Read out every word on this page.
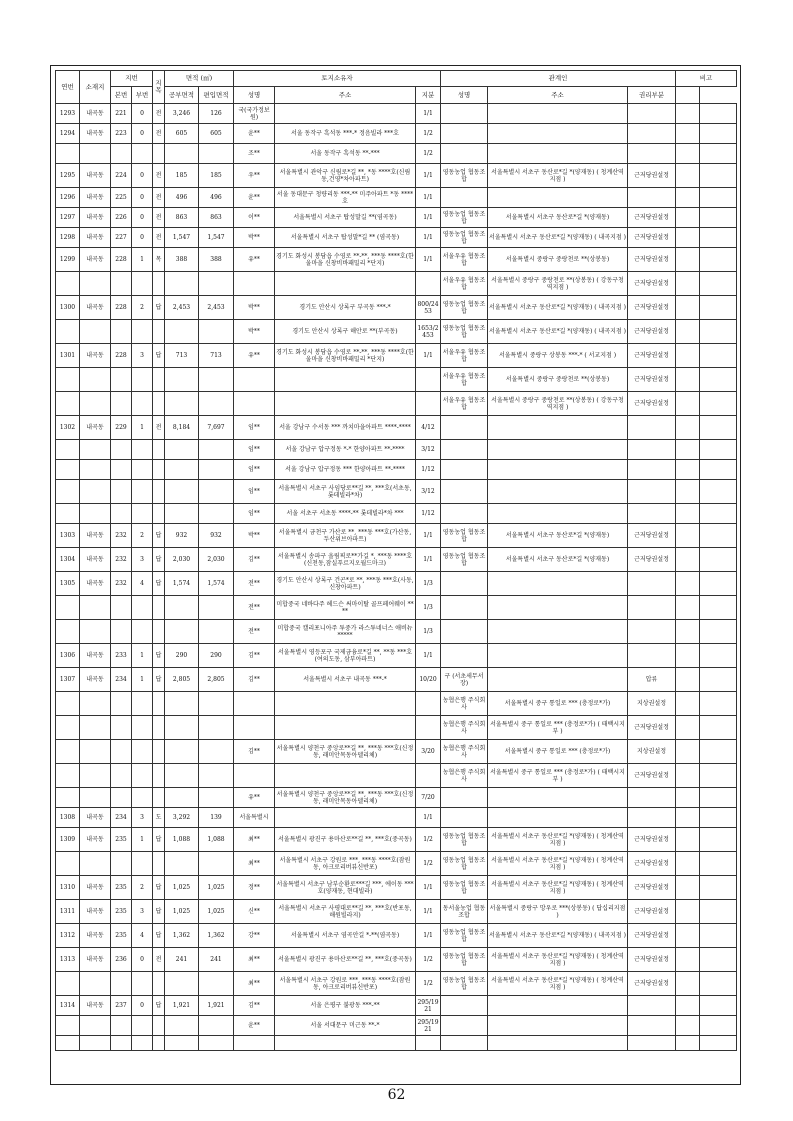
연번	소재지	지번		지목	면적 (㎡)		토지소유자			관계인			비고	
		본번	부번		공부면적	편입면적	성명	주소	지분	성명	주소	권리부분		
1293	내곡동	221	0	전	3,246	126	국(국가정보원)		1/1					
1294	내곡동	223	0	전	605	605	윤**	서울 동작구 흑석동 ***-* 정음빌라 ***호	1/2					
							조**	서울 동작구 흑석동 **-***	1/2					
1295	내곡동	224	0	전	185	185	우**	서울특별시 관악구 신림로*길 **, *동 ****호(신림동,건영*차아파트)	1/1	영동농업 협동조합	서울특별시 서초구 동산로*길 *(양재동) ( 청계산역지점 )	근저당권설정		
1296	내곡동	225	0	전	496	496	윤**	서울 동대문구 청량리동 ***-** 미주아파트 *동 ****호	1/1					
1297	내곡동	226	0	전	863	863	이**	서울특별시 서초구 탑성말길 **(염곡동)	1/1	영동농업 협동조합	서울특별시 서초구 동산로*길 *(양재동)	근저당권설정		
1298	내곡동	227	0	전	1,547	1,547	박**	서울특별시 서초구 탑성말*길 ** (염곡동)	1/1	영동농업 협동조합	서울특별시 서초구 동산로*길 *(양재동) ( 내곡지점 )	근저당권설정		
1299	내곡동	228	1	목	388	388	유**	경기도 화성시 봉담읍 수영로 **-**, ***동 ****호(한울마을 신창비바패밀리 *단지)	1/1	서울우유 협동조합	서울특별시 중랑구 중랑천로 **(상봉동)	근저당권설정		
										서울우유 협동조합	서울특별시 중랑구 중랑천로 **(상봉동) ( 강동구청역지점 )	근저당권설정		
1300	내곡동	228	2	답	2,453	2,453	박**	경기도 안산시 상록구 부곡동 ***-*	800/2453	영동농업 협동조합	서울특별시 서초구 동산로*길 *(양재동) ( 내곡지점 )	근저당권설정		
							박**	경기도 안산시 상록구 해안로 **(부곡동)	1653/2453	영동농업 협동조합	서울특별시 서초구 동산로*길 *(양재동) ( 내곡지점 )	근저당권설정		
1301	내곡동	228	3	답	713	713	유**	경기도 화성시 봉담읍 수영로 **-**, ***동 ****호(한울마을 신창비바패밀리 *단지)	1/1	서울우유 협동조합	서울특별시 중랑구 상봉동 ***-* ( 서교지점 )	근저당권설정		
										서울우유 협동조합	서울특별시 중랑구 중랑천로 **(상봉동)	근저당권설정		
										서울우유 협동조합	서울특별시 중랑구 중랑천로 **(상봉동) ( 강동구청역지점 )	근저당권설정		
1302	내곡동	229	1	전	8,184	7,697	임**	서울 강남구 수서동 *** 까치마을아파트 ****-****	4/12					
							임**	서울 강남구 압구정동 *-* 한양아파트 **-****	3/12					
							임**	서울 강남구 압구정동 *** 한양아파트 **-****	1/12					
							임**	서울특별시 서초구 사임당로**길 **, ***호(서초동, 롯데빌라*차)	3/12					
							임**	서울 서초구 서초동 ****-** 롯데빌라*차 ***	1/12					
1303	내곡동	232	2	답	932	932	박**	서울특별시 금천구 가산로 **, ***동 ***호(가산동,두산위브아파트)	1/1	영동농업 협동조합	서울특별시 서초구 동산로*길 *(양재동)	근저당권설정		
1304	내곡동	232	3	답	2,030	2,030	김**	서울특별시 송파구 올림픽로**가길 *, ***동 ****호(신천동,잠실푸르지오월드마크)	1/1	영동농업 협동조합	서울특별시 서초구 동산로*길 *(양재동)	근저당권설정		
1305	내곡동	232	4	답	1,574	1,574	전**	경기도 안산시 상록구 건곤*로 **, ***동 ***호(사동,신창아파트)	1/3					
							전**	미합중국 네바다주 헤드슨 써마이탈 골프페어웨이 ****	1/3					
							전**	미합중국 캘리포니아주 투중가 라스투네너스 애비뉴 *****	1/3					
1306	내곡동	233	1	답	290	290	김**	서울특별시 영등포구 국제금융로*길 **, **동 ***호(여의도동, 삼부아파트)	1/1					
1307	내곡동	234	1	답	2,805	2,805	김**	서울특별시 서초구 내곡동 ***-*	10/20	구 (서초세무서장)		압류		
										농협은행 주식회사	서울특별시 중구 통일로 *** (충정로*가)	지상권설정		
										농협은행 주식회사	서울특별시 중구 통일로 *** (충정로*가) ( 태백시지부 )	근저당권설정		
							김**	서울특별시 양천구 중앙로**길 **, ***동 ***호(신정동, 래미안목동아델리체)	3/20	농협은행 주식회사	서울특별시 중구 통일로 *** (충정로*가)	지상권설정		
										농협은행 주식회사	서울특별시 중구 통일로 *** (충정로*가) ( 태백시지부 )	근저당권설정		
							유**	서울특별시 양천구 중앙로**길 **, ***동 ***호(신정동, 래미안목동아델리체)	7/20					
1308	내곡동	234	3	도	3,292	139	서울특별시		1/1					
1309	내곡동	235	1	답	1,088	1,088	최**	서울특별시 광진구 용마산로**길 **, ***호(중곡동)	1/2	영동농업 협동조합	서울특별시 서초구 동산로*길 *(양재동) ( 청계산역지점 )	근저당권설정		
							최**	서울특별시 서초구 강원로 ***, ***동 ****호(잠원동, 아크로리버뷰신반포)	1/2	영동농업 협동조합	서울특별시 서초구 동산로*길 *(양재동) ( 청계산역지점 )	근저당권설정		
1310	내곡동	235	2	답	1,025	1,025	정**	서울특별시 서초구 남부순환로***길 ***, 에이동 ***호(양재동, 현대빌라)	1/1	영동농업 협동조합	서울특별시 서초구 동산로*길 *(양재동) ( 청계산역지점 )	근저당권설정		
1311	내곡동	235	3	답	1,025	1,025	신**	서울특별시 서초구 사평대로**길 **, ***호(반포동, 해원빌라지)	1/1	동서울농업 협동조합	서울특별시 중랑구 망우로 ***(상봉동) ( 답십리지점 )	근저당권설정		
1312	내곡동	235	4	답	1,362	1,362	강**	서울특별시 서초구 염곡안길 *-**(염곡동)	1/1	영동농업 협동조합	서울특별시 서초구 동산로*길 *(양재동) ( 내곡지점 )	근저당권설정		
1313	내곡동	236	0	전	241	241	최**	서울특별시 광진구 용마산로**길 **, ***호(중곡동)	1/2	영동농업 협동조합	서울특별시 서초구 동산로*길 *(양재동) ( 청계산역지점 )	근저당권설정		
							최**	서울특별시 서초구 강원로 ***, ***동 ****호(잠원동, 아크로리버뷰신반포)	1/2	영동농업 협동조합	서울특별시 서초구 동산로*길 *(양재동) ( 청계산역지점 )	근저당권설정		
1314	내곡동	237	0	답	1,921	1,921	김**	서울 은평구 불광동 ***-**	295/1921					
							윤**	서울 서대문구 미근동 **-*	295/1921					

62
